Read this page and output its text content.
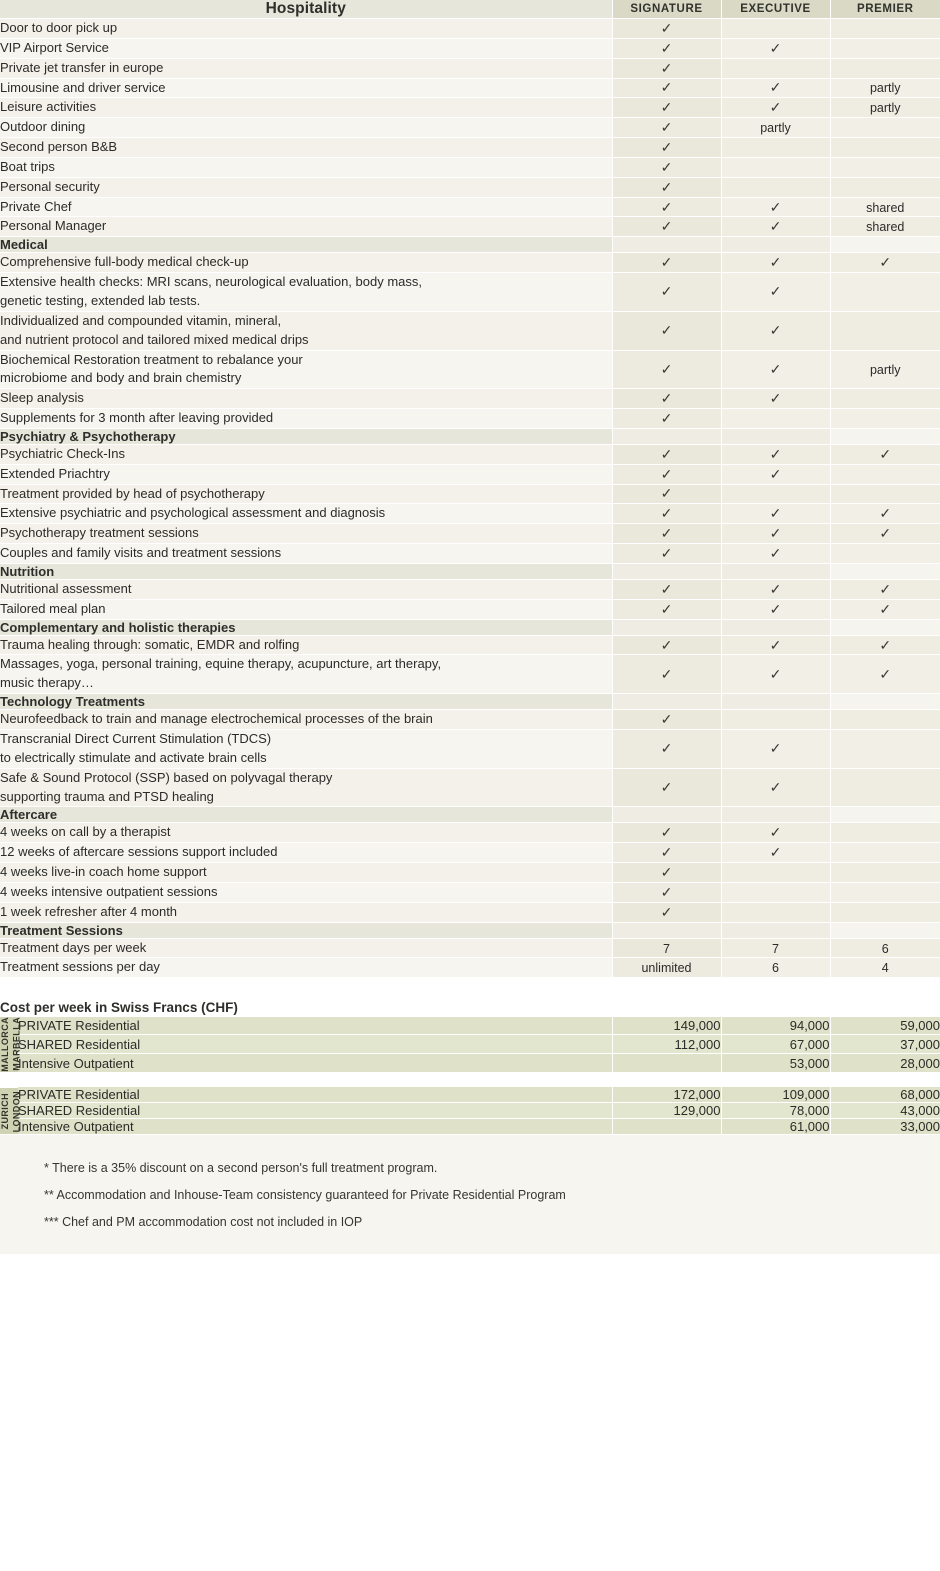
Hospitality	SIGNATURE	EXECUTIVE	PREMIER

Door to door pick up	✓		

VIP Airport Service	✓	✓	

Private jet transfer in europe	✓		

Limousine and driver service	✓	✓	partly

Leisure activities	✓	✓	partly

Outdoor dining	✓	partly	

Second person B&B	✓		

Boat trips	✓		

Personal security	✓		

Private Chef	✓	✓	shared

Personal Manager	✓	✓	shared
Medical			

Comprehensive full-body medical check-up	✓	✓	✓

Extensive health checks: MRI scans, neurological evaluation, body mass,
genetic testing, extended lab tests.	✓	✓	

Individualized and compounded vitamin, mineral,
and nutrient protocol and tailored mixed medical drips	✓	✓	

Biochemical Restoration treatment to rebalance your
microbiome and body and brain chemistry	✓	✓	partly

Sleep analysis	✓	✓	

Supplements for 3 month after leaving provided	✓		
Psychiatry & Psychotherapy			

Psychiatric Check-Ins	✓	✓	✓

Extended Priachtry	✓	✓	

Treatment provided by head of psychotherapy	✓		

Extensive psychiatric and psychological assessment and diagnosis	✓	✓	✓

Psychotherapy treatment sessions	✓	✓	✓

Couples and family visits and treatment sessions	✓	✓	
Nutrition			

Nutritional assessment	✓	✓	✓

Tailored meal plan	✓	✓	✓
Complementary and holistic therapies			

Trauma healing through: somatic, EMDR and rolfing	✓	✓	✓

Massages, yoga, personal training, equine therapy, acupuncture, art therapy,
music therapy…	✓	✓	✓
Technology Treatments			

Neurofeedback to train and manage electrochemical processes of the brain	✓		

Transcranial Direct Current Stimulation (TDCS)
to electrically stimulate and activate brain cells	✓	✓	

Safe & Sound Protocol (SSP) based on polyvagal therapy
supporting trauma and PTSD healing	✓	✓	
Aftercare			

4 weeks on call by a therapist	✓	✓	

12 weeks of aftercare sessions support included	✓	✓	

4 weeks live-in coach home support	✓		

4 weeks intensive outpatient sessions	✓		

1 week refresher after 4 month	✓		
Treatment Sessions			

Treatment days per week	7	7	6

Treatment sessions per day	unlimited	6	4

Cost per week in Swiss Francs (CHF)			
MALLORCA
MARBELLA	PRIVATE Residential	149,000	94,000	59,000
	SHARED Residential	112,000	67,000	37,000
	Intensive Outpatient		53,000	28,000
ZURICH
LONDON	PRIVATE Residential	172,000	109,000	68,000
	SHARED Residential	129,000	78,000	43,000
	Intensive Outpatient		61,000	33,000
* There is a 35% discount on a second person's full treatment program.
** Accommodation and Inhouse-Team consistency guaranteed for Private Residential Program
*** Chef and PM accommodation cost not included in IOP
